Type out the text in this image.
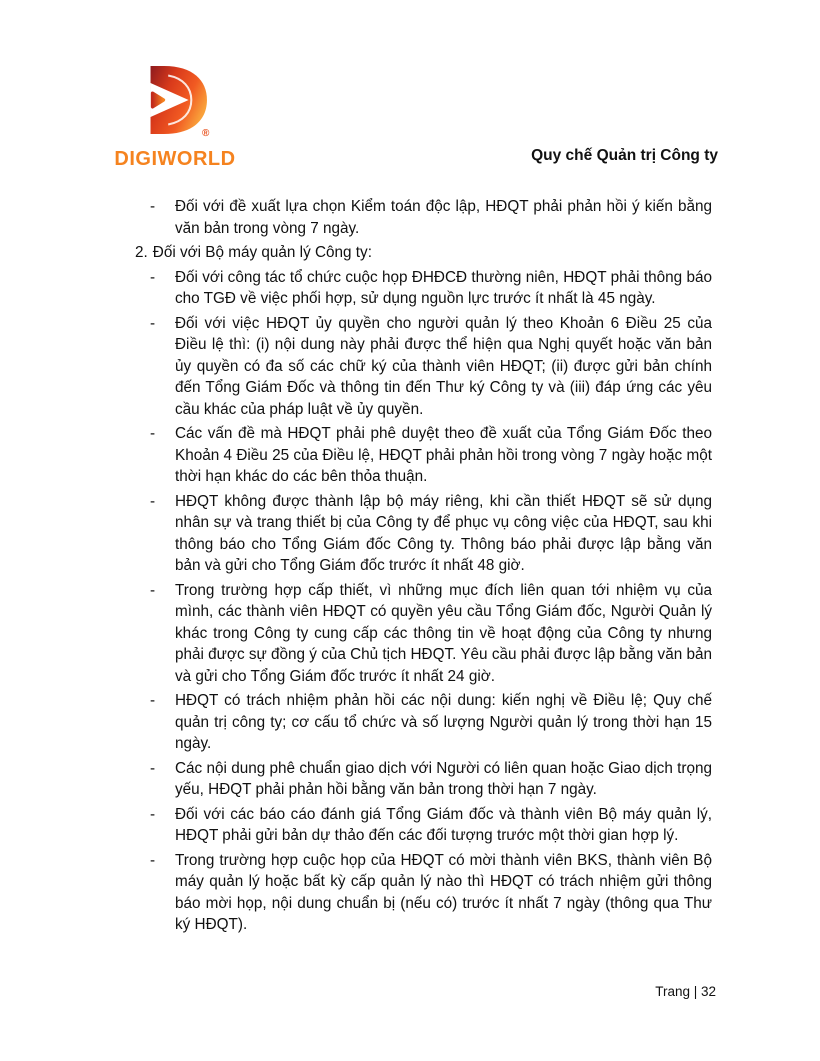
®
DIGIWORLD	Quy chế Quản trị Công ty
- Đối với đề xuất lựa chọn Kiểm toán độc lập, HĐQT phải phản hồi ý kiến bằng văn bản trong vòng 7 ngày.
2. Đối với Bộ máy quản lý Công ty:
- Đối với công tác tổ chức cuộc họp ĐHĐCĐ thường niên, HĐQT phải thông báo cho TGĐ về việc phối hợp, sử dụng nguồn lực trước ít nhất là 45 ngày.
- Đối với việc HĐQT ủy quyền cho người quản lý theo Khoản 6 Điều 25 của Điều lệ thì: (i) nội dung này phải được thể hiện qua Nghị quyết hoặc văn bản ủy quyền có đa số các chữ ký của thành viên HĐQT; (ii) được gửi bản chính đến Tổng Giám Đốc và thông tin đến Thư ký Công ty và (iii) đáp ứng các yêu cầu khác của pháp luật về ủy quyền.
- Các vấn đề mà HĐQT phải phê duyệt theo đề xuất của Tổng Giám Đốc theo Khoản 4 Điều 25 của Điều lệ, HĐQT phải phản hồi trong vòng 7 ngày hoặc một thời hạn khác do các bên thỏa thuận.
- HĐQT không được thành lập bộ máy riêng, khi cần thiết HĐQT sẽ sử dụng nhân sự và trang thiết bị của Công ty để phục vụ công việc của HĐQT, sau khi thông báo cho Tổng Giám đốc Công ty. Thông báo phải được lập bằng văn bản và gửi cho Tổng Giám đốc trước ít nhất 48 giờ.
- Trong trường hợp cấp thiết, vì những mục đích liên quan tới nhiệm vụ của mình, các thành viên HĐQT có quyền yêu cầu Tổng Giám đốc, Người Quản lý khác trong Công ty cung cấp các thông tin về hoạt động của Công ty nhưng phải được sự đồng ý của Chủ tịch HĐQT. Yêu cầu phải được lập bằng văn bản và gửi cho Tổng Giám đốc trước ít nhất 24 giờ.
- HĐQT có trách nhiệm phản hồi các nội dung: kiến nghị về Điều lệ; Quy chế quản trị công ty; cơ cấu tổ chức và số lượng Người quản lý trong thời hạn 15 ngày.
- Các nội dung phê chuẩn giao dịch với Người có liên quan hoặc Giao dịch trọng yếu, HĐQT phải phản hồi bằng văn bản trong thời hạn 7 ngày.
- Đối với các báo cáo đánh giá Tổng Giám đốc và thành viên Bộ máy quản lý, HĐQT phải gửi bản dự thảo đến các đối tượng trước một thời gian hợp lý.
- Trong trường hợp cuộc họp của HĐQT có mời thành viên BKS, thành viên Bộ máy quản lý hoặc bất kỳ cấp quản lý nào thì HĐQT có trách nhiệm gửi thông báo mời họp, nội dung chuẩn bị (nếu có) trước ít nhất 7 ngày (thông qua Thư ký HĐQT).
Trang | 32
